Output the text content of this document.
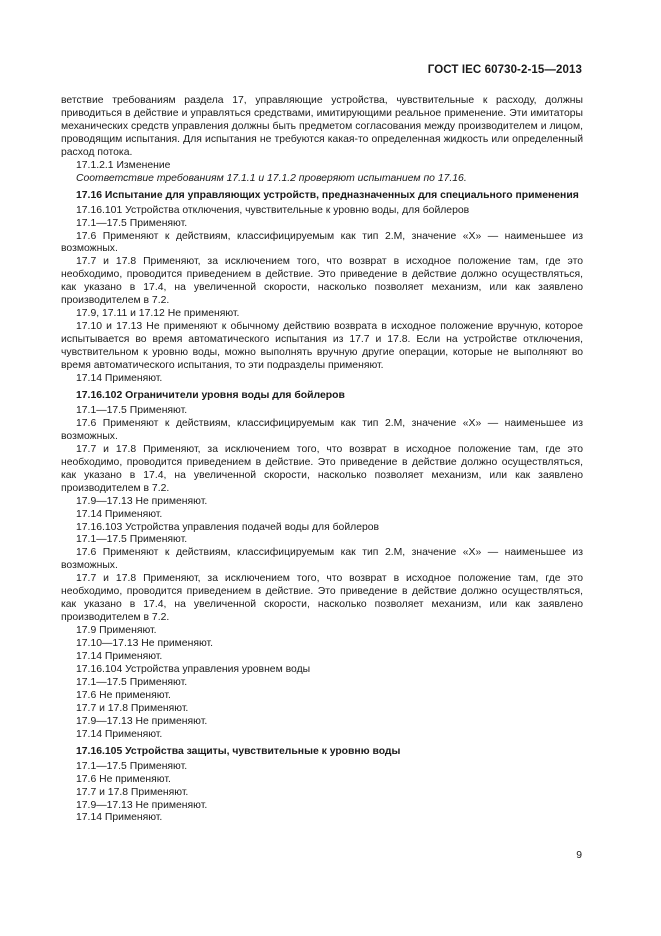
ГОСТ IEC 60730-2-15—2013

ветствие требованиям раздела 17, управляющие устройства, чувствительные к расходу, должны приводиться в действие и управляться средствами, имитирующими реальное применение. Эти имитаторы механических средств управления должны быть предметом согласования между производителем и лицом, проводящим испытания. Для испытания не требуются какая-то определенная жидкость или определенный расход потока.

17.1.2.1 Изменение

Соответствие требованиям 17.1.1 и 17.1.2 проверяют испытанием по 17.16.

17.16 Испытание для управляющих устройств, предназначенных для специального применения

17.16.101 Устройства отключения, чувствительные к уровню воды, для бойлеров

17.1—17.5 Применяют.

17.6 Применяют к действиям, классифицируемым как тип 2.М, значение «Х» — наименьшее из возможных.

17.7 и 17.8 Применяют, за исключением того, что возврат в исходное положение там, где это необходимо, проводится приведением в действие. Это приведение в действие должно осуществляться, как указано в 17.4, на увеличенной скорости, насколько позволяет механизм, или как заявлено производителем в 7.2.

17.9, 17.11 и 17.12 Не применяют.

17.10 и 17.13 Не применяют к обычному действию возврата в исходное положение вручную, которое испытывается во время автоматического испытания из 17.7 и 17.8. Если на устройстве отключения, чувствительном к уровню воды, можно выполнять вручную другие операции, которые не выполняют во время автоматического испытания, то эти подразделы применяют.

17.14 Применяют.

17.16.102 Ограничители уровня воды для бойлеров

17.1—17.5 Применяют.

17.6 Применяют к действиям, классифицируемым как тип 2.М, значение «Х» — наименьшее из возможных.

17.7 и 17.8 Применяют, за исключением того, что возврат в исходное положение там, где это необходимо, проводится приведением в действие. Это приведение в действие должно осуществляться, как указано в 17.4, на увеличенной скорости, насколько позволяет механизм, или как заявлено производителем в 7.2.

17.9—17.13 Не применяют.

17.14 Применяют.

17.16.103 Устройства управления подачей воды для бойлеров

17.1—17.5 Применяют.

17.6 Применяют к действиям, классифицируемым как тип 2.М, значение «Х» — наименьшее из возможных.

17.7 и 17.8 Применяют, за исключением того, что возврат в исходное положение там, где это необходимо, проводится приведением в действие. Это приведение в действие должно осуществляться, как указано в 17.4, на увеличенной скорости, насколько позволяет механизм, или как заявлено производителем в 7.2.

17.9 Применяют.

17.10—17.13 Не применяют.

17.14 Применяют.

17.16.104 Устройства управления уровнем воды

17.1—17.5 Применяют.

17.6 Не применяют.

17.7 и 17.8 Применяют.

17.9—17.13 Не применяют.

17.14 Применяют.

17.16.105 Устройства защиты, чувствительные к уровню воды

17.1—17.5 Применяют.

17.6 Не применяют.

17.7 и 17.8 Применяют.

17.9—17.13 Не применяют.

17.14 Применяют.

9
